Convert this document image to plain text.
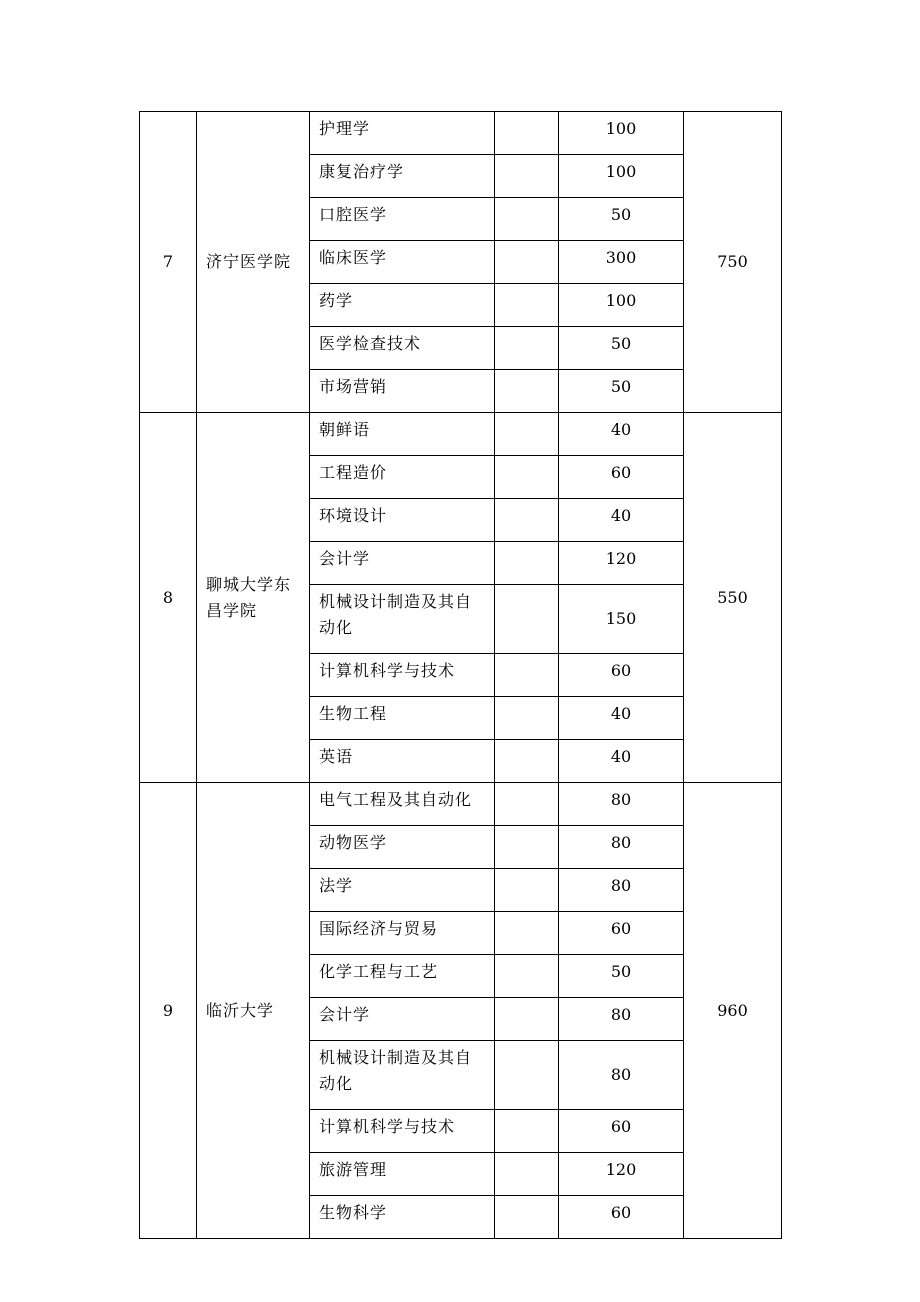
7	济宁医学院	护理学		100	750
		康复治疗学		100	
		口腔医学		50	
		临床医学		300	
		药学		100	
		医学检查技术		50	
		市场营销		50	
8	聊城大学东昌学院	朝鲜语		40	550
		工程造价		60	
		环境设计		40	
		会计学		120	
		机械设计制造及其自动化		150	
		计算机科学与技术		60	
		生物工程		40	
		英语		40	
9	临沂大学	电气工程及其自动化		80	960
		动物医学		80	
		法学		80	
		国际经济与贸易		60	
		化学工程与工艺		50	
		会计学		80	
		机械设计制造及其自动化		80	
		计算机科学与技术		60	
		旅游管理		120	
		生物科学		60	
